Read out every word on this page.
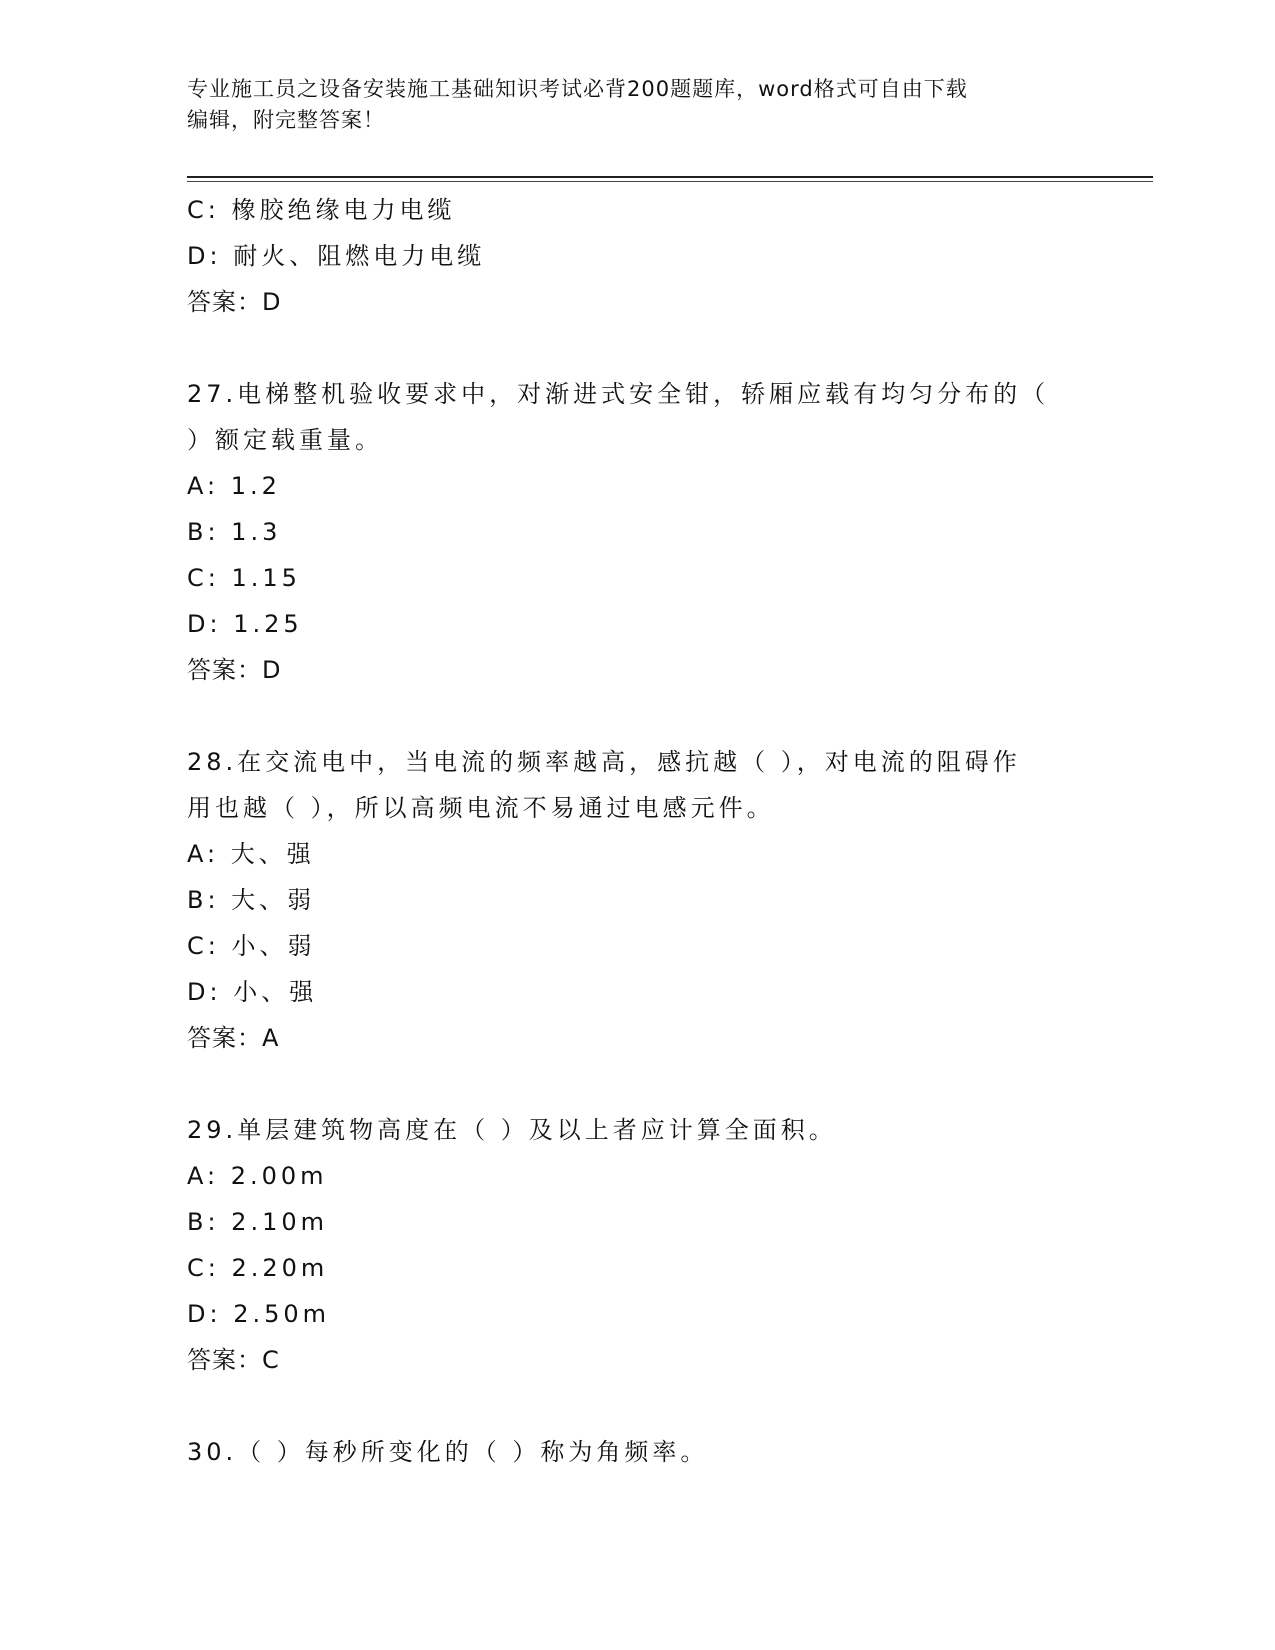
专业施工员之设备安装施工基础知识考试必背200题题库，word格式可自由下载
编辑，附完整答案！

C: 橡胶绝缘电力电缆

D: 耐火、阻燃电力电缆

答案：D

27.电梯整机验收要求中，对渐进式安全钳，轿厢应载有均匀分布的（

）额定载重量。

A: 1.2

B: 1.3

C: 1.15

D: 1.25

答案：D

28.在交流电中，当电流的频率越高，感抗越（ ），对电流的阻碍作

用也越（ ），所以高频电流不易通过电感元件。

A: 大、强

B: 大、弱

C: 小、弱

D: 小、强

答案：A

29.单层建筑物高度在（ ）及以上者应计算全面积。

A: 2.00m

B: 2.10m

C: 2.20m

D: 2.50m

答案：C

30.（ ）每秒所变化的（ ）称为角频率。
